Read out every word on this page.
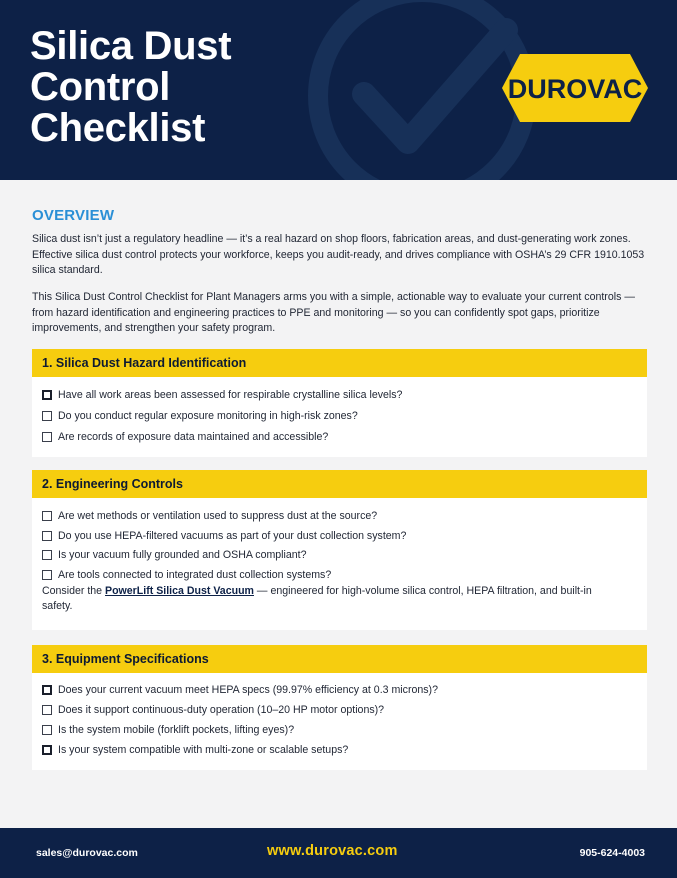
Silica Dust
Control
Checklist
DUROVAC
OVERVIEW

Silica dust isn’t just a regulatory headline — it’s a real hazard on shop floors, fabrication areas, and dust-generating work zones. Effective silica dust control protects your workforce, keeps you audit-ready, and drives compliance with OSHA’s 29 CFR 1910.1053 silica standard.

This Silica Dust Control Checklist for Plant Managers arms you with a simple, actionable way to evaluate your current controls — from hazard identification and engineering practices to PPE and monitoring — so you can confidently spot gaps, prioritize improvements, and strengthen your safety program.

1. Silica Dust Hazard Identification
Have all work areas been assessed for respirable crystalline silica levels?
Do you conduct regular exposure monitoring in high-risk zones?
Are records of exposure data maintained and accessible?
2. Engineering Controls
Are wet methods or ventilation used to suppress dust at the source?
Do you use HEPA-filtered vacuums as part of your dust collection system?
Is your vacuum fully grounded and OSHA compliant?
Are tools connected to integrated dust collection systems?

Consider the PowerLift Silica Dust Vacuum — engineered for high-volume silica control, HEPA filtration, and built-in safety.

3. Equipment Specifications
Does your current vacuum meet HEPA specs (99.97% efficiency at 0.3 microns)?
Does it support continuous-duty operation (10–20 HP motor options)?
Is the system mobile (forklift pockets, lifting eyes)?
Is your system compatible with multi-zone or scalable setups?
sales@durovac.com	www.durovac.com	905-624-4003
